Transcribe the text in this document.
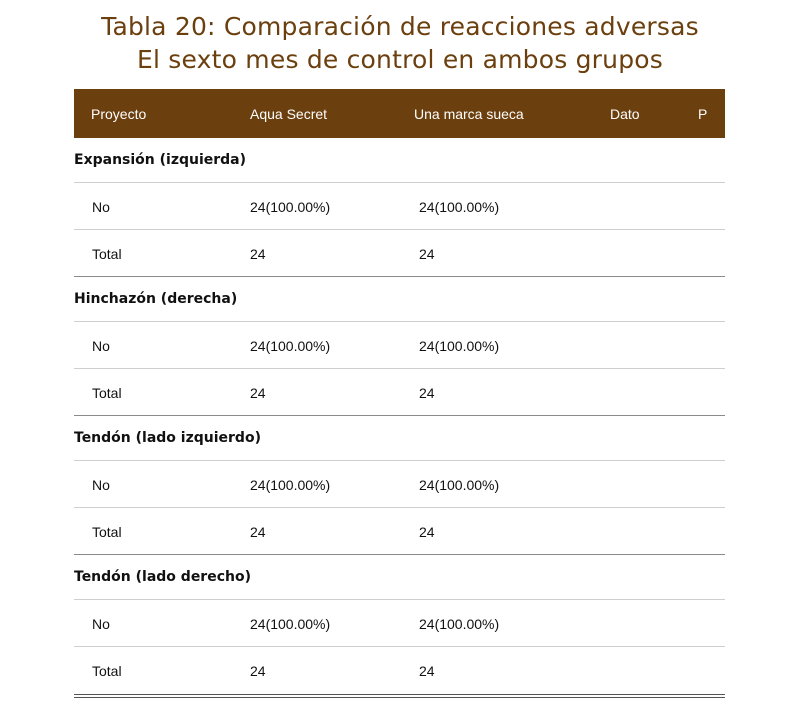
Tabla 20: Comparación de reacciones adversas
El sexto mes de control en ambos grupos
Proyecto	Aqua Secret	Una marca sueca	Dato	P
Expansión (izquierda)
No	24(100.00%)	24(100.00%)
Total	24	24
Hinchazón (derecha)
No	24(100.00%)	24(100.00%)
Total	24	24
Tendón (lado izquierdo)
No	24(100.00%)	24(100.00%)
Total	24	24
Tendón (lado derecho)
No	24(100.00%)	24(100.00%)
Total	24	24
